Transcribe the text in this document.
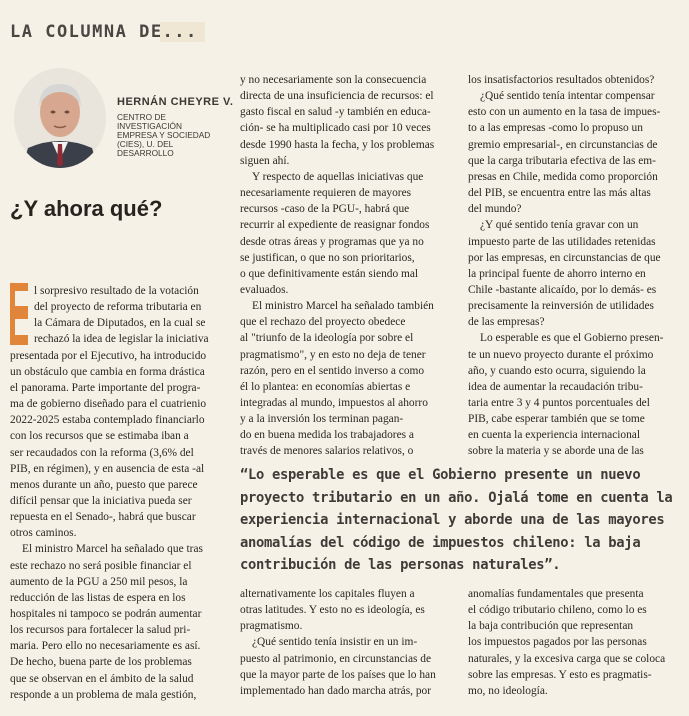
LA COLUMNA DE...
HERNÁN CHEYRE V.
CENTRO DE
INVESTIGACIÓN
EMPRESA Y SOCIEDAD
(CIES), U. DEL
DESARROLLO
¿Y ahora qué?
l sorpresivo resultado de la votación
del proyecto de reforma tributaria en
la Cámara de Diputados, en la cual se
rechazó la idea de legislar la iniciativa
presentada por el Ejecutivo, ha introducido
un obstáculo que cambia en forma drástica
el panorama. Parte importante del progra-
ma de gobierno diseñado para el cuatrienio
2022-2025 estaba contemplado financiarlo
con los recursos que se estimaba iban a
ser recaudados con la reforma (3,6% del
PIB, en régimen), y en ausencia de esta -al
menos durante un año, puesto que parece
difícil pensar que la iniciativa pueda ser
repuesta en el Senado-, habrá que buscar
otros caminos.
El ministro Marcel ha señalado que tras
este rechazo no será posible financiar el
aumento de la PGU a 250 mil pesos, la
reducción de las listas de espera en los
hospitales ni tampoco se podrán aumentar
los recursos para fortalecer la salud pri-
maria. Pero ello no necesariamente es así.
De hecho, buena parte de los problemas
que se observan en el ámbito de la salud
responde a un problema de mala gestión,
y no necesariamente son la consecuencia
directa de una insuficiencia de recursos: el
gasto fiscal en salud -y también en educa-
ción- se ha multiplicado casi por 10 veces
desde 1990 hasta la fecha, y los problemas
siguen ahí.
Y respecto de aquellas iniciativas que
necesariamente requieren de mayores
recursos -caso de la PGU-, habrá que
recurrir al expediente de reasignar fondos
desde otras áreas y programas que ya no
se justifican, o que no son prioritarios,
o que definitivamente están siendo mal
evaluados.
El ministro Marcel ha señalado también
que el rechazo del proyecto obedece
al "triunfo de la ideología por sobre el
pragmatismo", y en esto no deja de tener
razón, pero en el sentido inverso a como
él lo plantea: en economías abiertas e
integradas al mundo, impuestos al ahorro
y a la inversión los terminan pagan-
do en buena medida los trabajadores a
través de menores salarios relativos, o
los insatisfactorios resultados obtenidos?
¿Qué sentido tenía intentar compensar
esto con un aumento en la tasa de impues-
to a las empresas -como lo propuso un
gremio empresarial-, en circunstancias de
que la carga tributaria efectiva de las em-
presas en Chile, medida como proporción
del PIB, se encuentra entre las más altas
del mundo?
¿Y qué sentido tenía gravar con un
impuesto parte de las utilidades retenidas
por las empresas, en circunstancias de que
la principal fuente de ahorro interno en
Chile -bastante alicaído, por lo demás- es
precisamente la reinversión de utilidades
de las empresas?
Lo esperable es que el Gobierno presen-
te un nuevo proyecto durante el próximo
año, y cuando esto ocurra, siguiendo la
idea de aumentar la recaudación tribu-
taria entre 3 y 4 puntos porcentuales del
PIB, cabe esperar también que se tome
en cuenta la experiencia internacional
sobre la materia y se aborde una de las
alternativamente los capitales fluyen a
otras latitudes. Y esto no es ideología, es
pragmatismo.
¿Qué sentido tenía insistir en un im-
puesto al patrimonio, en circunstancias de
que la mayor parte de los países que lo han
implementado han dado marcha atrás, por
anomalías fundamentales que presenta
el código tributario chileno, como lo es
la baja contribución que representan
los impuestos pagados por las personas
naturales, y la excesiva carga que se coloca
sobre las empresas. Y esto es pragmatis-
mo, no ideología.
“Lo esperable es que el Gobierno presente un nuevo
proyecto tributario en un año. Ojalá tome en cuenta la
experiencia internacional y aborde una de las mayores
anomalías del código de impuestos chileno: la baja
contribución de las personas naturales”.
